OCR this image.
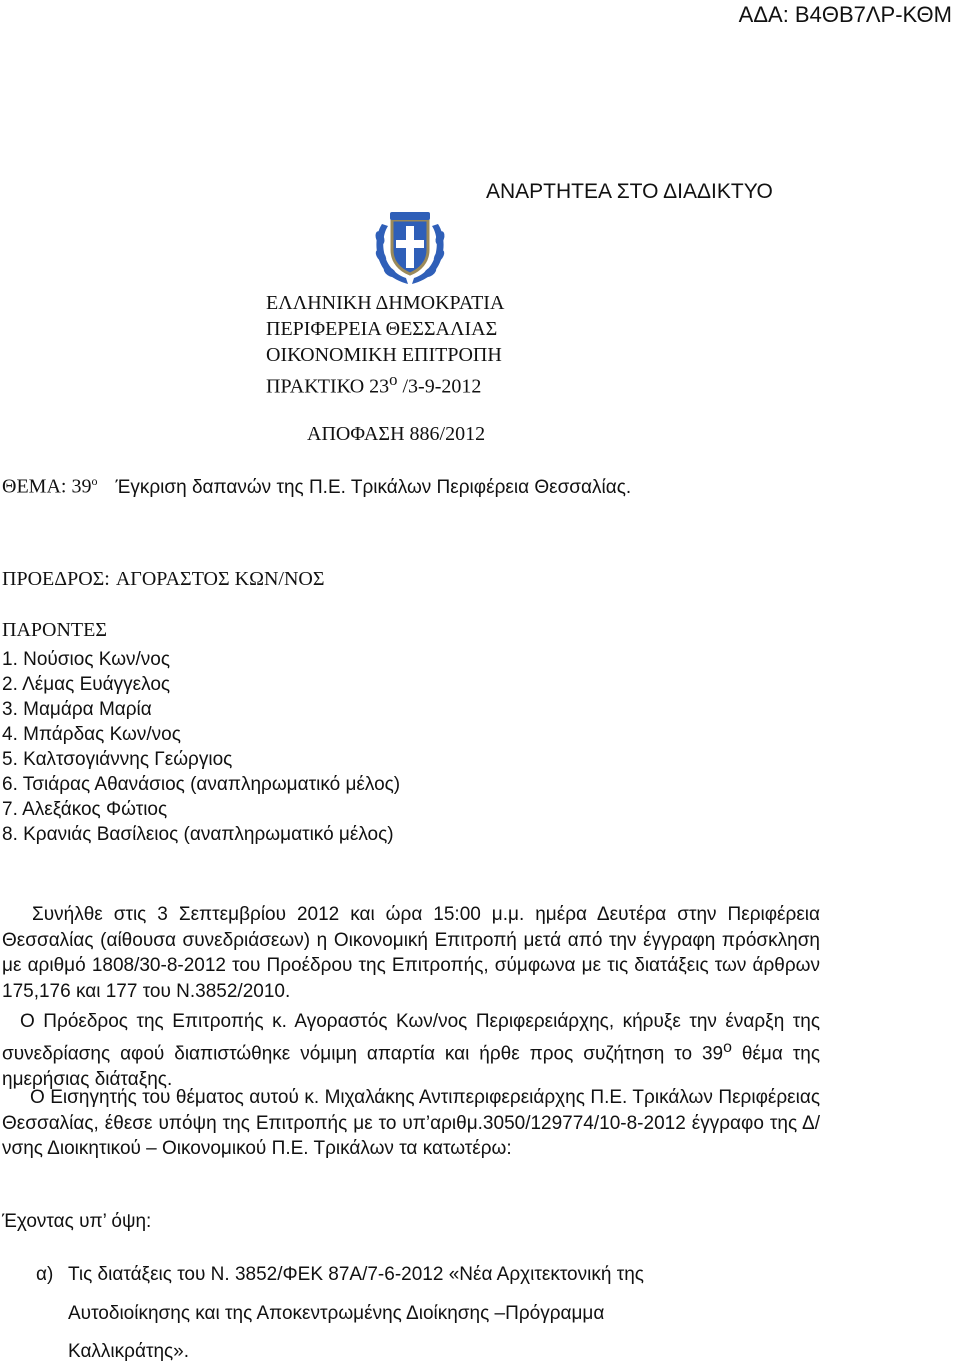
ΑΔΑ: Β4ΘΒ7ΛΡ-ΚΘΜ
ΑΝΑΡΤΗΤΕΑ ΣΤΟ ΔΙΑΔΙΚΤΥΟ
ΕΛΛΗΝΙΚΗ ΔΗΜΟΚΡΑΤΙΑ
ΠΕΡΙΦΕΡΕΙΑ ΘΕΣΣΑΛΙΑΣ
ΟΙΚΟΝΟΜΙΚΗ ΕΠΙΤΡΟΠΗ
ΠΡΑΚΤΙΚΟ $23^o$ /3-9-2012
ΑΠΟΦΑΣΗ 886/2012
ΘΕΜΑ: $39^o$ Έγκριση δαπανών της Π.Ε. Τρικάλων Περιφέρεια Θεσσαλίας.
ΠΡΟΕΔΡΟΣ: ΑΓΟΡΑΣΤΟΣ ΚΩΝ/ΝΟΣ
ΠΑΡΟΝΤΕΣ
1. Νούσιος Κων/νος
2. Λέμας Ευάγγελος
3. Μαμάρα Μαρία
4. Μπάρδας Κων/νος
5. Καλτσογιάννης Γεώργιος
6. Τσιάρας Αθανάσιος (αναπληρωματικό μέλος)
7. Αλεξάκος Φώτιος
8. Κρανιάς Βασίλειος (αναπληρωματικό μέλος)
Συνήλθε στις 3 Σεπτεμβρίου 2012 και ώρα 15:00 μ.μ. ημέρα Δευτέρα στην Περιφέρεια Θεσσαλίας (αίθουσα συνεδριάσεων) η Οικονομική Επιτροπή μετά από την έγγραφη πρόσκληση με αριθμό 1808/30-8-2012 του Προέδρου της Επιτροπής, σύμφωνα με τις διατάξεις των άρθρων 175,176 και 177 του Ν.3852/2010.
Ο Πρόεδρος της Επιτροπής κ. Αγοραστός Κων/νος Περιφερειάρχης, κήρυξε την έναρξη της συνεδρίασης αφού διαπιστώθηκε νόμιμη απαρτία και ήρθε προς συζήτηση το $39^o$ θέμα της ημερήσιας διάταξης.
Ο Εισηγητής του θέματος αυτού κ. Μιχαλάκης Αντιπεριφερειάρχης Π.Ε. Τρικάλων Περιφέρειας Θεσσαλίας, έθεσε υπόψη της Επιτροπής με το υπ’αριθμ.3050/129774/10-8-2012 έγγραφο της Δ/νσης Διοικητικού – Οικονομικού Π.Ε. Τρικάλων τα κατωτέρω:
Έχοντας υπ’ όψη:
α) Τις διατάξεις του Ν. 3852/ΦΕΚ 87Α/7-6-2012 «Νέα Αρχιτεκτονική της
Αυτοδιοίκησης και της Αποκεντρωμένης Διοίκησης –Πρόγραμμα
Καλλικράτης».
